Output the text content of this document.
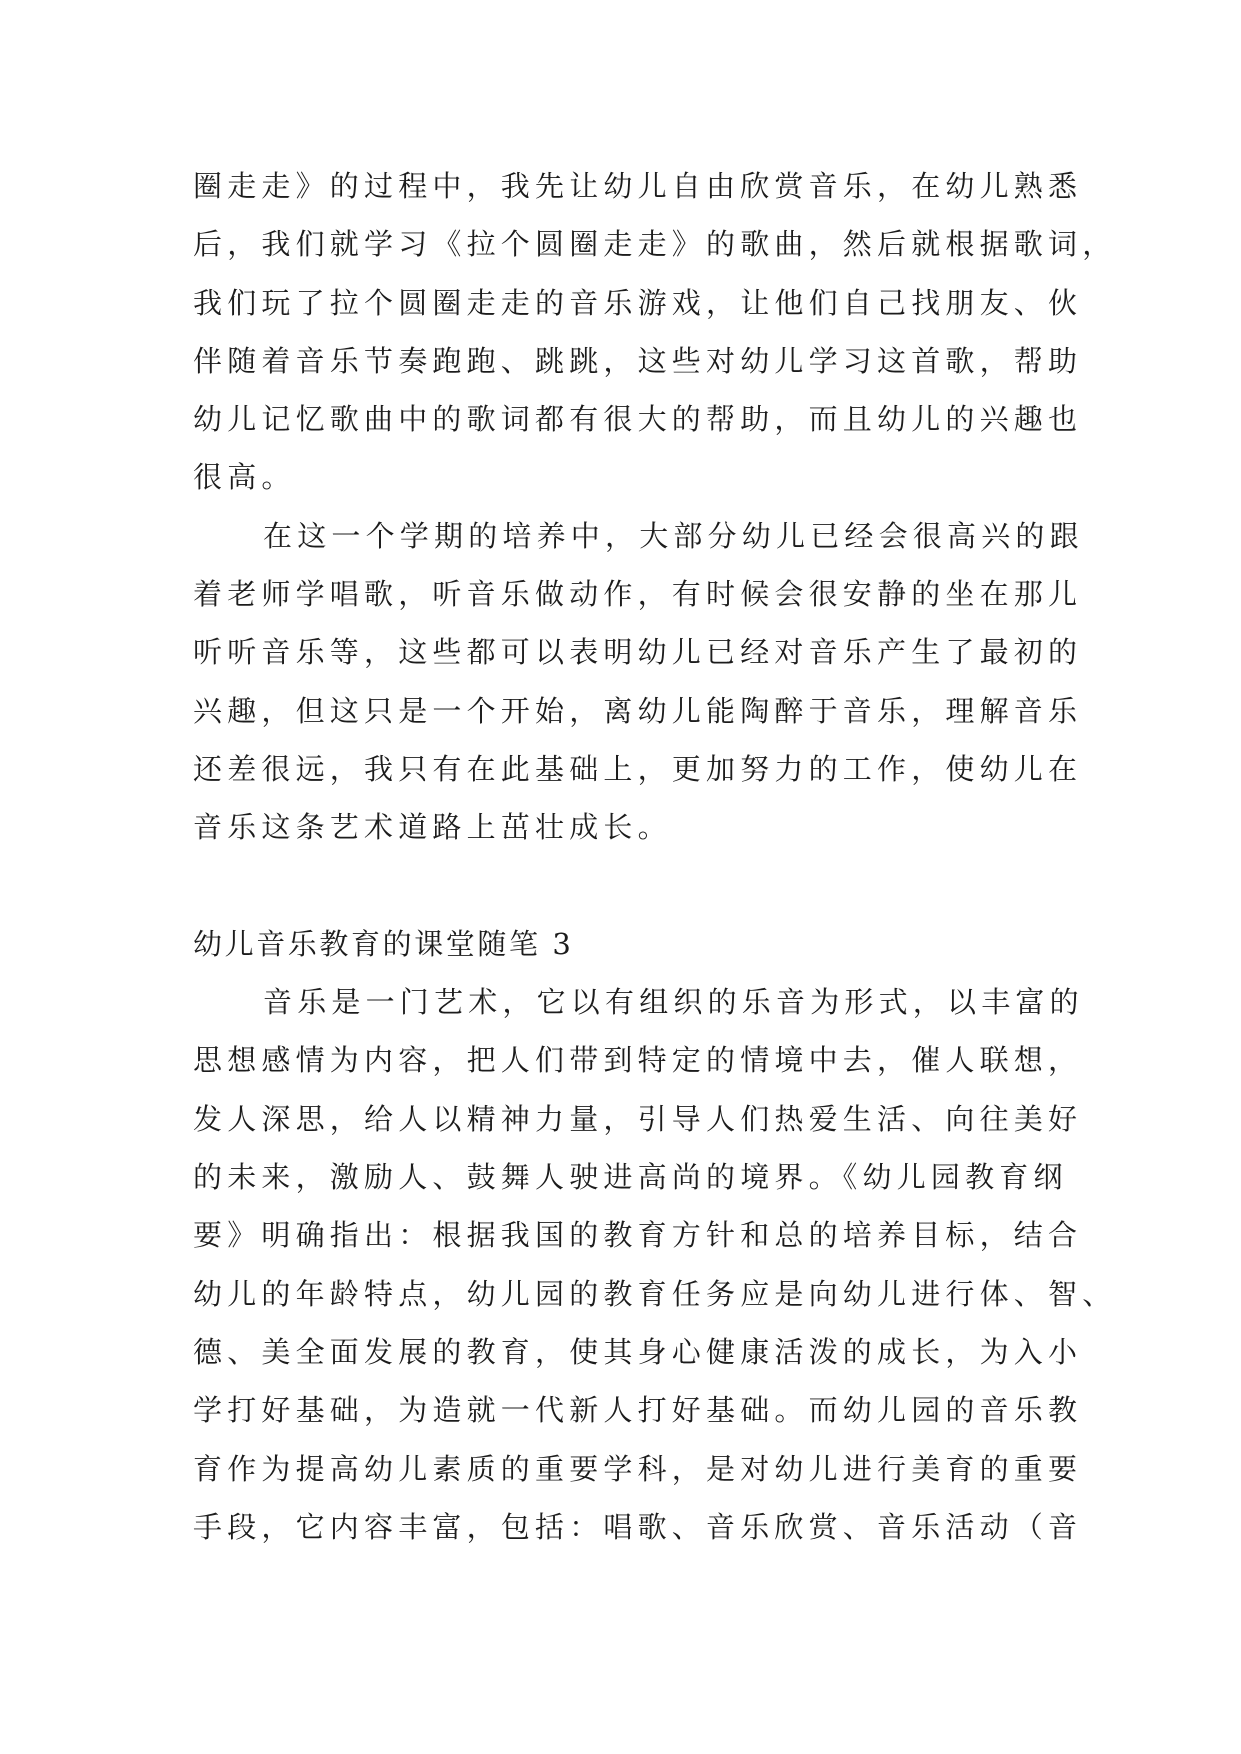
圈走走》的过程中，我先让幼儿自由欣赏音乐，在幼儿熟悉
后，我们就学习《拉个圆圈走走》的歌曲，然后就根据歌词，
我们玩了拉个圆圈走走的音乐游戏，让他们自己找朋友、伙
伴随着音乐节奏跑跑、跳跳，这些对幼儿学习这首歌，帮助
幼儿记忆歌曲中的歌词都有很大的帮助，而且幼儿的兴趣也
很高。
在这一个学期的培养中，大部分幼儿已经会很高兴的跟
着老师学唱歌，听音乐做动作，有时候会很安静的坐在那儿
听听音乐等，这些都可以表明幼儿已经对音乐产生了最初的
兴趣，但这只是一个开始，离幼儿能陶醉于音乐，理解音乐
还差很远，我只有在此基础上，更加努力的工作，使幼儿在
音乐这条艺术道路上茁壮成长。
幼儿音乐教育的课堂随笔 3
音乐是一门艺术，它以有组织的乐音为形式，以丰富的
思想感情为内容，把人们带到特定的情境中去，催人联想，
发人深思，给人以精神力量，引导人们热爱生活、向往美好
的未来，激励人、鼓舞人驶进高尚的境界。《幼儿园教育纲
要》明确指出：根据我国的教育方针和总的培养目标，结合
幼儿的年龄特点，幼儿园的教育任务应是向幼儿进行体、智、
德、美全面发展的教育，使其身心健康活泼的成长，为入小
学打好基础，为造就一代新人打好基础。而幼儿园的音乐教
育作为提高幼儿素质的重要学科，是对幼儿进行美育的重要
手段，它内容丰富，包括：唱歌、音乐欣赏、音乐活动（音
